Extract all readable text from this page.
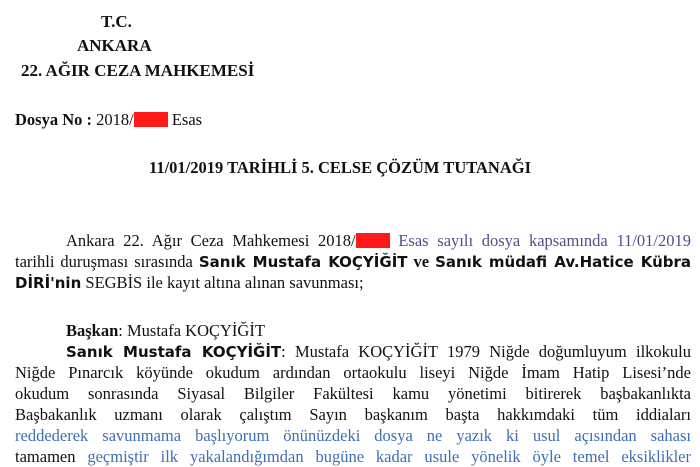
T.C.
ANKARA
22. AĞIR CEZA MAHKEMESİ
Dosya No : 2018/ Esas
11/01/2019 TARİHLİ 5. CELSE ÇÖZÜM TUTANAĞI
Ankara 22. Ağır Ceza Mahkemesi 2018/	Esas sayılı dosya kapsamında 11/01/2019
tarihli duruşması sırasında Sanık Mustafa KOÇYİĞİT ve Sanık müdafi Av.Hatice Kübra
DİRİ'nin SEGBİS ile kayıt altına alınan savunması;
Başkan: Mustafa KOÇYİĞİT
Sanık Mustafa KOÇYİĞİT: Mustafa KOÇYİĞİT 1979 Niğde doğumluyum ilkokulu
Niğde Pınarcık köyünde okudum ardından ortaokulu liseyi Niğde İmam Hatip Lisesi’nde
okudum sonrasında Siyasal Bilgiler Fakültesi kamu yönetimi bitirerek başbakanlıkta
Başbakanlık uzmanı olarak çalıştım Sayın başkanım başta hakkımdaki tüm iddiaları
reddederek savunmama başlıyorum önünüzdeki dosya ne yazık ki usul açısından sahası
tamamen geçmiştir ilk yakalandığımdan bugüne kadar usule yönelik öyle temel eksiklikler
